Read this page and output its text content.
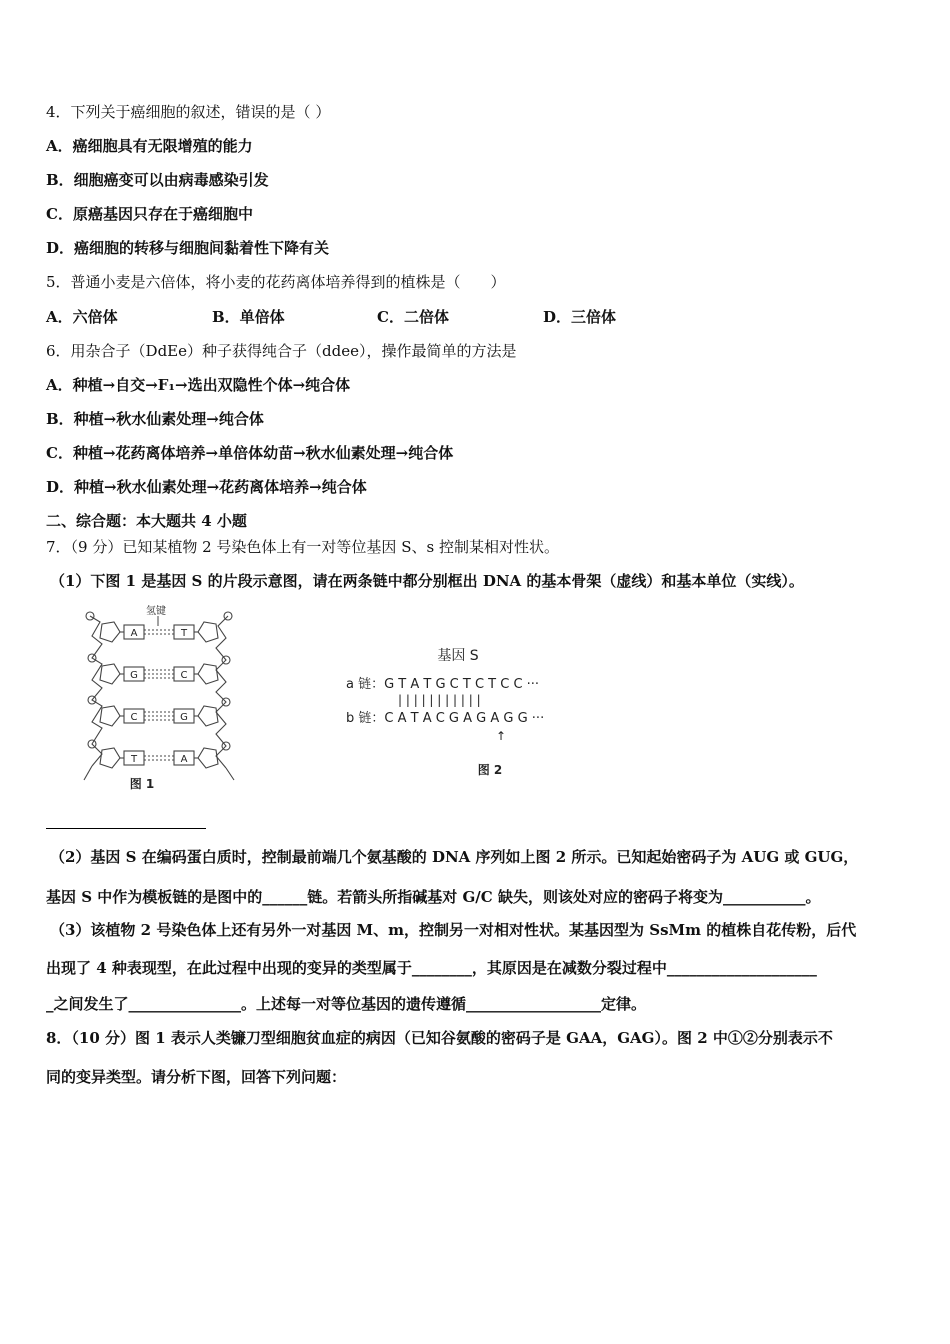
4．下列关于癌细胞的叙述，错误的是（ ）
A．癌细胞具有无限增殖的能力
B．细胞癌变可以由病毒感染引发
C．原癌基因只存在于癌细胞中
D．癌细胞的转移与细胞间黏着性下降有关
5．普通小麦是六倍体，将小麦的花药离体培养得到的植株是（　　）
A．六倍体	B．单倍体	C．二倍体	D．三倍体
6．用杂合子（DdEe）种子获得纯合子（ddee），操作最简单的方法是
A．种植→自交→F₁→选出双隐性个体→纯合体
B．种植→秋水仙素处理→纯合体
C．种植→花药离体培养→单倍体幼苗→秋水仙素处理→纯合体
D．种植→秋水仙素处理→花药离体培养→纯合体
二、综合题：本大题共 4 小题
7．（9 分）已知某植物 2 号染色体上有一对等位基因 S、s 控制某相对性状。
（1）下图 1 是基因 S 的片段示意图，请在两条链中都分别框出 DNA 的基本骨架（虚线）和基本单位（实线）。
氢键
A	T
G	C
C	G
T	A
图 1
基因 S
a 链：G T A T G C T C T C C ···
| | | | | | | | | | |
b 链：C A T A C G A G A G G ···
↑
图 2
（2）基因 S 在编码蛋白质时，控制最前端几个氨基酸的 DNA 序列如上图 2 所示。已知起始密码子为 AUG 或 GUG，
基因 S 中作为模板链的是图中的______链。若箭头所指碱基对 G/C 缺失，则该处对应的密码子将变为___________。
（3）该植物 2 号染色体上还有另外一对基因 M、m，控制另一对相对性状。某基因型为 SsMm 的植株自花传粉，后代
出现了 4 种表现型，在此过程中出现的变异的类型属于________，其原因是在减数分裂过程中____________________
_之间发生了_______________。上述每一对等位基因的遗传遵循__________________定律。
8．（10 分）图 1 表示人类镰刀型细胞贫血症的病因（已知谷氨酸的密码子是 GAA，GAG）。图 2 中①②分别表示不
同的变异类型。请分析下图，回答下列问题：
